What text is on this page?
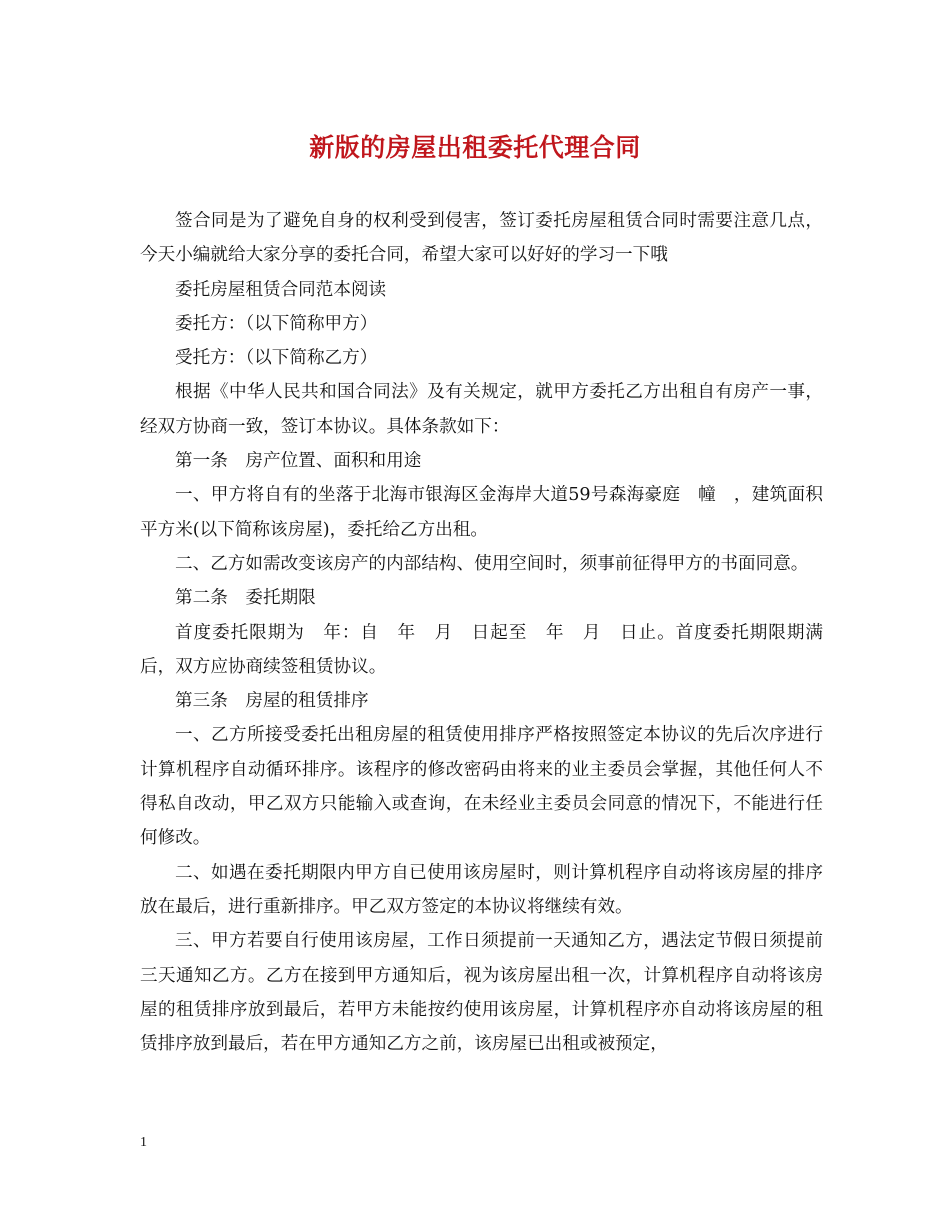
新版的房屋出租委托代理合同

签合同是为了避免自身的权利受到侵害，签订委托房屋租赁合同时需要注意几点，今天小编就给大家分享的委托合同，希望大家可以好好的学习一下哦

委托房屋租赁合同范本阅读

委托方：（以下简称甲方）

受托方：（以下简称乙方）

根据《中华人民共和国合同法》及有关规定，就甲方委托乙方出租自有房产一事，经双方协商一致，签订本协议。具体条款如下：

第一条　房产位置、面积和用途

一、甲方将自有的坐落于北海市银海区金海岸大道59号森海豪庭　幢　，建筑面积　平方米(以下简称该房屋)，委托给乙方出租。

二、乙方如需改变该房产的内部结构、使用空间时，须事前征得甲方的书面同意。

第二条　委托期限

首度委托限期为　年：自　年　月　日起至　年　月　日止。首度委托期限期满后，双方应协商续签租赁协议。

第三条　房屋的租赁排序

一、乙方所接受委托出租房屋的租赁使用排序严格按照签定本协议的先后次序进行计算机程序自动循环排序。该程序的修改密码由将来的业主委员会掌握，其他任何人不得私自改动，甲乙双方只能输入或查询，在未经业主委员会同意的情况下，不能进行任何修改。

二、如遇在委托期限内甲方自已使用该房屋时，则计算机程序自动将该房屋的排序放在最后，进行重新排序。甲乙双方签定的本协议将继续有效。

三、甲方若要自行使用该房屋，工作日须提前一天通知乙方，遇法定节假日须提前三天通知乙方。乙方在接到甲方通知后，视为该房屋出租一次，计算机程序自动将该房屋的租赁排序放到最后，若甲方未能按约使用该房屋，计算机程序亦自动将该房屋的租赁排序放到最后，若在甲方通知乙方之前，该房屋已出租或被预定，

1
